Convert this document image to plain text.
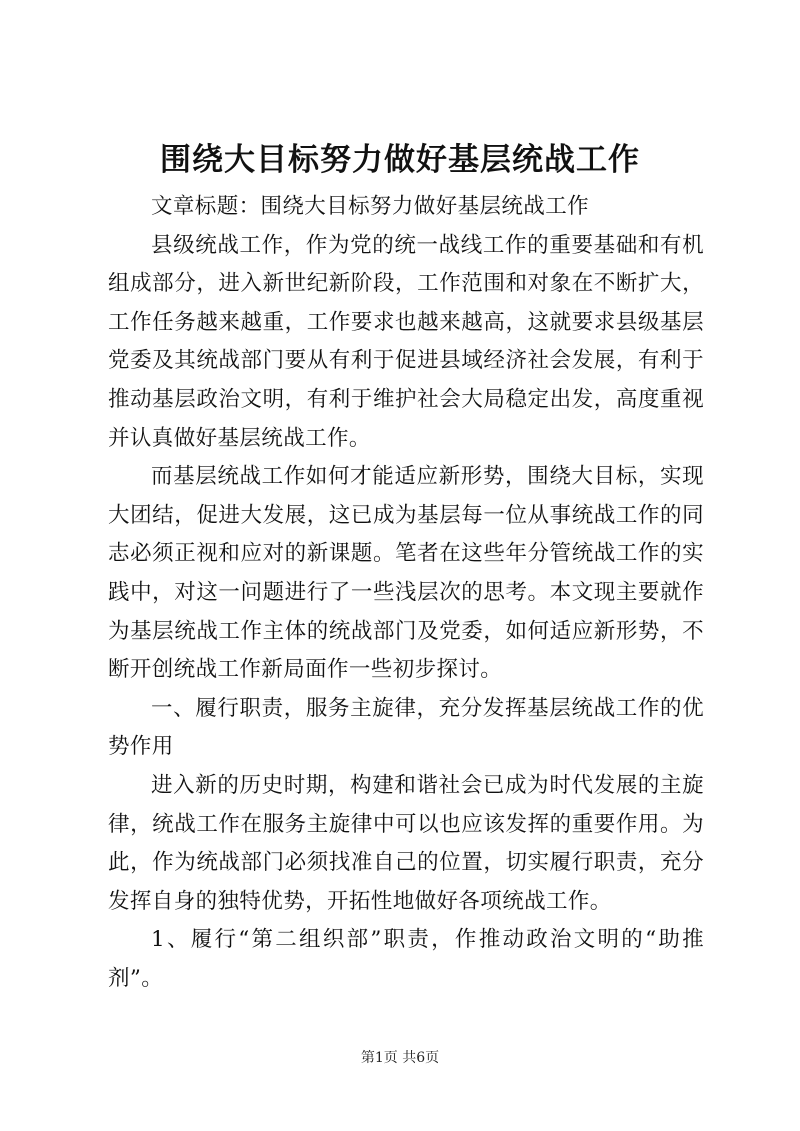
围绕大目标努力做好基层统战工作

文章标题：围绕大目标努力做好基层统战工作

县级统战工作，作为党的统一战线工作的重要基础和有机组成部分，进入新世纪新阶段，工作范围和对象在不断扩大，工作任务越来越重，工作要求也越来越高，这就要求县级基层党委及其统战部门要从有利于促进县域经济社会发展，有利于推动基层政治文明，有利于维护社会大局稳定出发，高度重视并认真做好基层统战工作。

而基层统战工作如何才能适应新形势，围绕大目标，实现大团结，促进大发展，这已成为基层每一位从事统战工作的同志必须正视和应对的新课题。笔者在这些年分管统战工作的实践中，对这一问题进行了一些浅层次的思考。本文现主要就作为基层统战工作主体的统战部门及党委，如何适应新形势，不断开创统战工作新局面作一些初步探讨。

一、履行职责，服务主旋律，充分发挥基层统战工作的优势作用

进入新的历史时期，构建和谐社会已成为时代发展的主旋律，统战工作在服务主旋律中可以也应该发挥的重要作用。为此，作为统战部门必须找准自己的位置，切实履行职责，充分发挥自身的独特优势，开拓性地做好各项统战工作。

1、履行“第二组织部”职责，作推动政治文明的“助推剂”。

第1页 共6页
